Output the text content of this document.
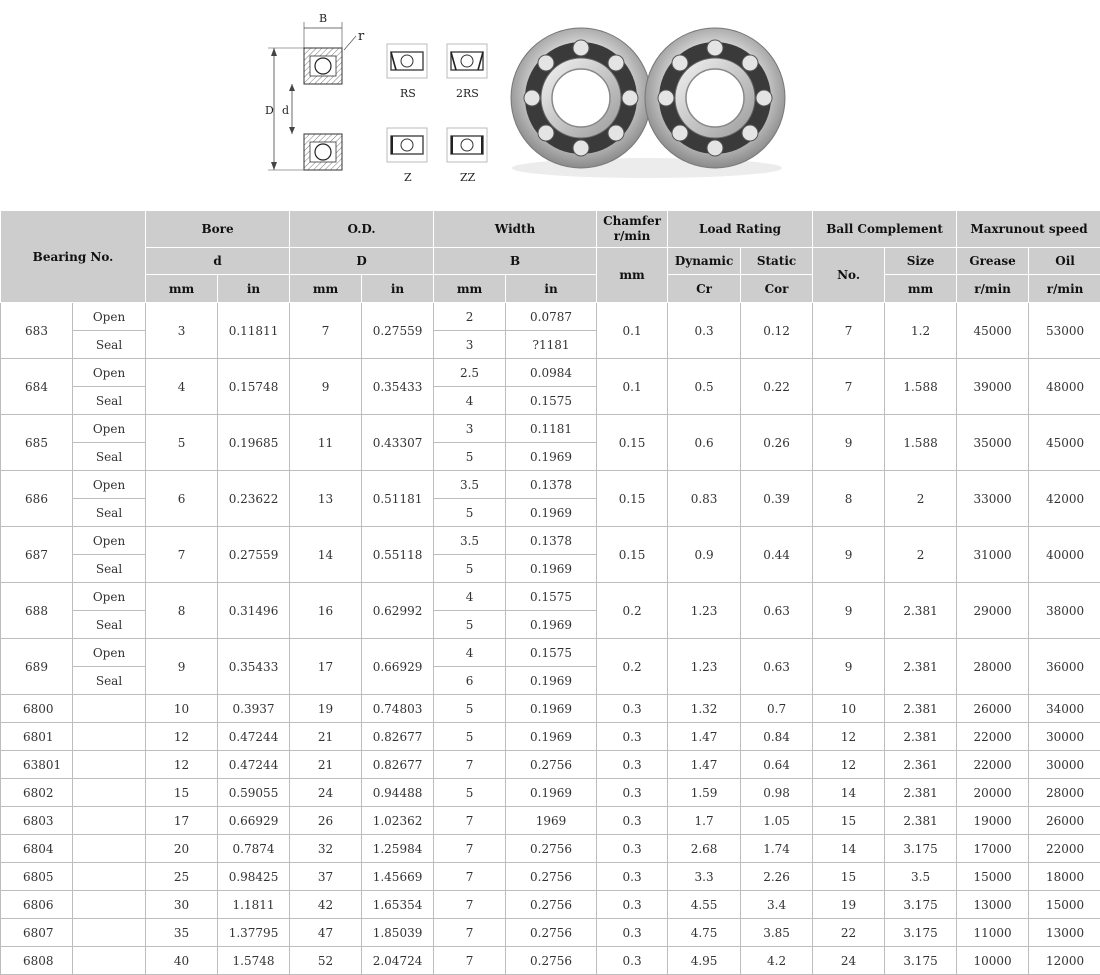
B
r
D d
RS	2RS
Z	ZZ
Bearing No.		Bore		O.D.		Width		Chamfer r/min	Load Rating		Ball Complement		Maxrunout speed	
		d		D		B		mm	Dynamic	Static	No.	Size	Grease	Oil
		mm	in	mm	in	mm	in		Cr	Cor		mm	r/min	r/min
683	Open	3	0.11811	7	0.27559	2	0.0787	0.1	0.3	0.12	7	1.2	45000	53000
	Seal					3	?1181							
684	Open	4	0.15748	9	0.35433	2.5	0.0984	0.1	0.5	0.22	7	1.588	39000	48000
	Seal					4	0.1575							
685	Open	5	0.19685	11	0.43307	3	0.1181	0.15	0.6	0.26	9	1.588	35000	45000
	Seal					5	0.1969							
686	Open	6	0.23622	13	0.51181	3.5	0.1378	0.15	0.83	0.39	8	2	33000	42000
	Seal					5	0.1969							
687	Open	7	0.27559	14	0.55118	3.5	0.1378	0.15	0.9	0.44	9	2	31000	40000
	Seal					5	0.1969							
688	Open	8	0.31496	16	0.62992	4	0.1575	0.2	1.23	0.63	9	2.381	29000	38000
	Seal					5	0.1969							
689	Open	9	0.35433	17	0.66929	4	0.1575	0.2	1.23	0.63	9	2.381	28000	36000
	Seal					6	0.1969							
6800		10	0.3937	19	0.74803	5	0.1969	0.3	1.32	0.7	10	2.381	26000	34000
6801		12	0.47244	21	0.82677	5	0.1969	0.3	1.47	0.84	12	2.381	22000	30000
63801		12	0.47244	21	0.82677	7	0.2756	0.3	1.47	0.64	12	2.361	22000	30000
6802		15	0.59055	24	0.94488	5	0.1969	0.3	1.59	0.98	14	2.381	20000	28000
6803		17	0.66929	26	1.02362	7	1969	0.3	1.7	1.05	15	2.381	19000	26000
6804		20	0.7874	32	1.25984	7	0.2756	0.3	2.68	1.74	14	3.175	17000	22000
6805		25	0.98425	37	1.45669	7	0.2756	0.3	3.3	2.26	15	3.5	15000	18000
6806		30	1.1811	42	1.65354	7	0.2756	0.3	4.55	3.4	19	3.175	13000	15000
6807		35	1.37795	47	1.85039	7	0.2756	0.3	4.75	3.85	22	3.175	11000	13000
6808		40	1.5748	52	2.04724	7	0.2756	0.3	4.95	4.2	24	3.175	10000	12000
